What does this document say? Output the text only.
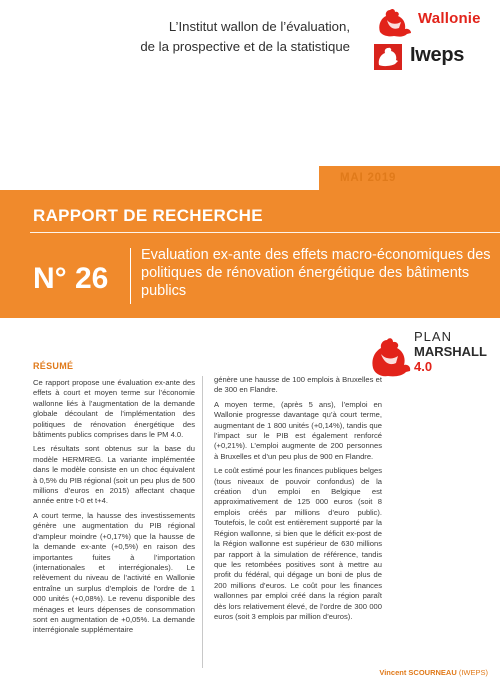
L’Institut wallon de l’évaluation,
de la prospective et de la statistique
Wallonie
Iweps
MAI 2019
RAPPORT DE RECHERCHE
N° 26
Evaluation ex-ante des effets macro-économiques des politiques de rénovation énergétique des bâtiments publics
PLAN
MARSHALL
4.0
RÉSUMÉ

Ce rapport propose une évaluation ex-ante des effets à court et moyen terme sur l’économie wallonne liés à l’augmentation de la demande globale découlant de l’implémentation des politiques de rénovation énergétique des bâtiments publics comprises dans le PM 4.0.

Les résultats sont obtenus sur la base du modèle HERMREG. La variante implémentée dans le modèle consiste en un choc équivalent à 0,5% du PIB régional (soit un peu plus de 500 millions d’euros en 2015) affectant chaque année entre t-0 et t+4.

A court terme, la hausse des investissements génère une augmentation du PIB régional d’ampleur moindre (+0,17%) que la hausse de la demande ex-ante (+0,5%) en raison des importantes fuites à l’importation (internationales et interrégionales). Le relèvement du niveau de l’activité en Wallonie entraîne un surplus d’emplois de l’ordre de 1 000 unités (+0,08%). Le revenu disponible des ménages et leurs dépenses de consommation sont en augmentation de +0,05%. La demande interrégionale supplémentaire

génère une hausse de 100 emplois à Bruxelles et de 300 en Flandre.

A moyen terme, (après 5 ans), l’emploi en Wallonie progresse davantage qu’à court terme, augmentant de 1 800 unités (+0,14%), tandis que l’impact sur le PIB est également renforcé (+0,21%). L’emploi augmente de 200 personnes à Bruxelles et d’un peu plus de 900 en Flandre.

Le coût estimé pour les finances publiques belges (tous niveaux de pouvoir confondus) de la création d’un emploi en Belgique est approximativement de 125 000 euros (soit 8 emplois créés par millions d’euro public). Toutefois, le coût est entièrement supporté par la Région wallonne, si bien que le déficit ex-post de la Région wallonne est supérieur de 630 millions par rapport à la simulation de référence, tandis que les retombées positives sont à mettre au profit du fédéral, qui dégage un boni de plus de 200 millions d’euros. Le coût pour les finances wallonnes par emploi créé dans la région paraît dès lors relativement élevé, de l’ordre de 300 000 euros (soit 3 emplois par million d’euros).

Vincent SCOURNEAU (IWEPS)
